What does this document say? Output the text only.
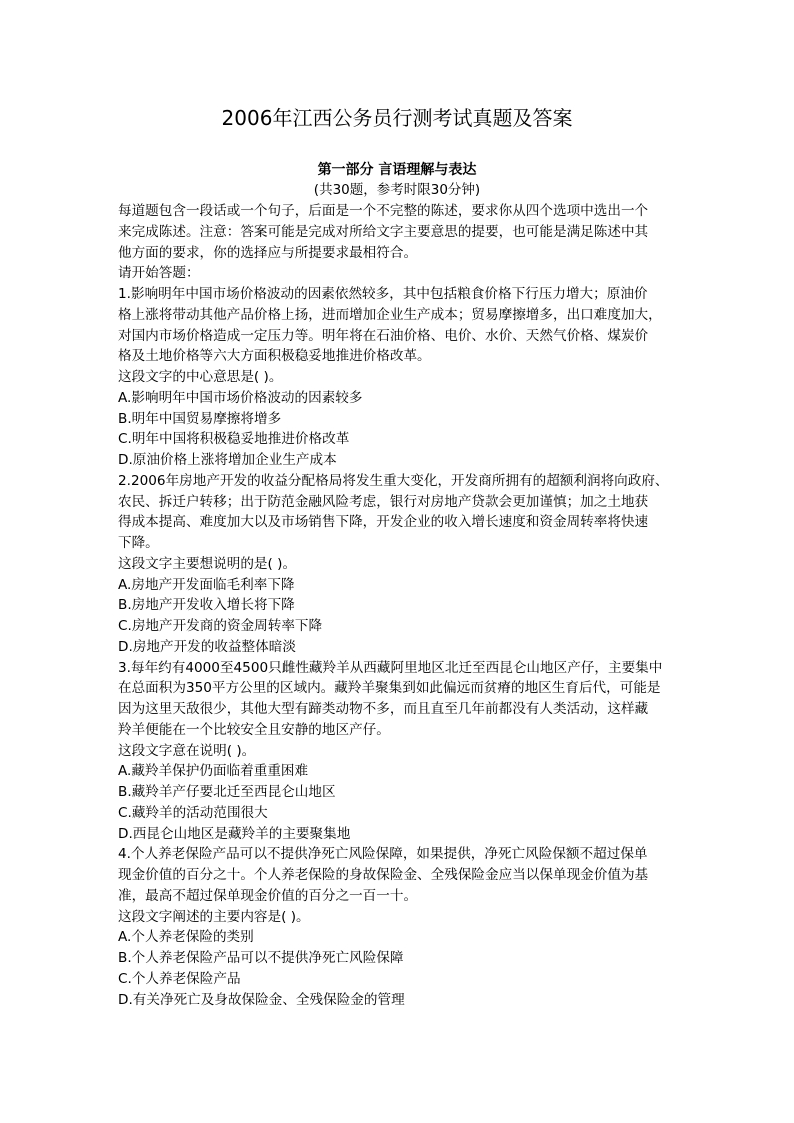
2006年江西公务员行测考试真题及答案
第一部分 言语理解与表达
(共30题，参考时限30分钟)
每道题包含一段话或一个句子，后面是一个不完整的陈述，要求你从四个选项中选出一个
来完成陈述。注意：答案可能是完成对所给文字主要意思的提要，也可能是满足陈述中其
他方面的要求，你的选择应与所提要求最相符合。
请开始答题：
1.影响明年中国市场价格波动的因素依然较多，其中包括粮食价格下行压力增大；原油价
格上涨将带动其他产品价格上扬，进而增加企业生产成本；贸易摩擦增多，出口难度加大，
对国内市场价格造成一定压力等。明年将在石油价格、电价、水价、天然气价格、煤炭价
格及土地价格等六大方面积极稳妥地推进价格改革。
这段文字的中心意思是( )。
A.影响明年中国市场价格波动的因素较多
B.明年中国贸易摩擦将增多
C.明年中国将积极稳妥地推进价格改革
D.原油价格上涨将增加企业生产成本
2.2006年房地产开发的收益分配格局将发生重大变化，开发商所拥有的超额利润将向政府、
农民、拆迁户转移；出于防范金融风险考虑，银行对房地产贷款会更加谨慎；加之土地获
得成本提高、难度加大以及市场销售下降，开发企业的收入增长速度和资金周转率将快速
下降。
这段文字主要想说明的是( )。
A.房地产开发面临毛利率下降
B.房地产开发收入增长将下降
C.房地产开发商的资金周转率下降
D.房地产开发的收益整体暗淡
3.每年约有4000至4500只雌性藏羚羊从西藏阿里地区北迁至西昆仑山地区产仔，主要集中
在总面积为350平方公里的区域内。藏羚羊聚集到如此偏远而贫瘠的地区生育后代，可能是
因为这里天敌很少，其他大型有蹄类动物不多，而且直至几年前都没有人类活动，这样藏
羚羊便能在一个比较安全且安静的地区产仔。
这段文字意在说明( )。
A.藏羚羊保护仍面临着重重困难
B.藏羚羊产仔要北迁至西昆仑山地区
C.藏羚羊的活动范围很大
D.西昆仑山地区是藏羚羊的主要聚集地
4.个人养老保险产品可以不提供净死亡风险保障，如果提供，净死亡风险保额不超过保单
现金价值的百分之十。个人养老保险的身故保险金、全残保险金应当以保单现金价值为基
准，最高不超过保单现金价值的百分之一百一十。
这段文字阐述的主要内容是( )。
A.个人养老保险的类别
B.个人养老保险产品可以不提供净死亡风险保障
C.个人养老保险产品
D.有关净死亡及身故保险金、全残保险金的管理
